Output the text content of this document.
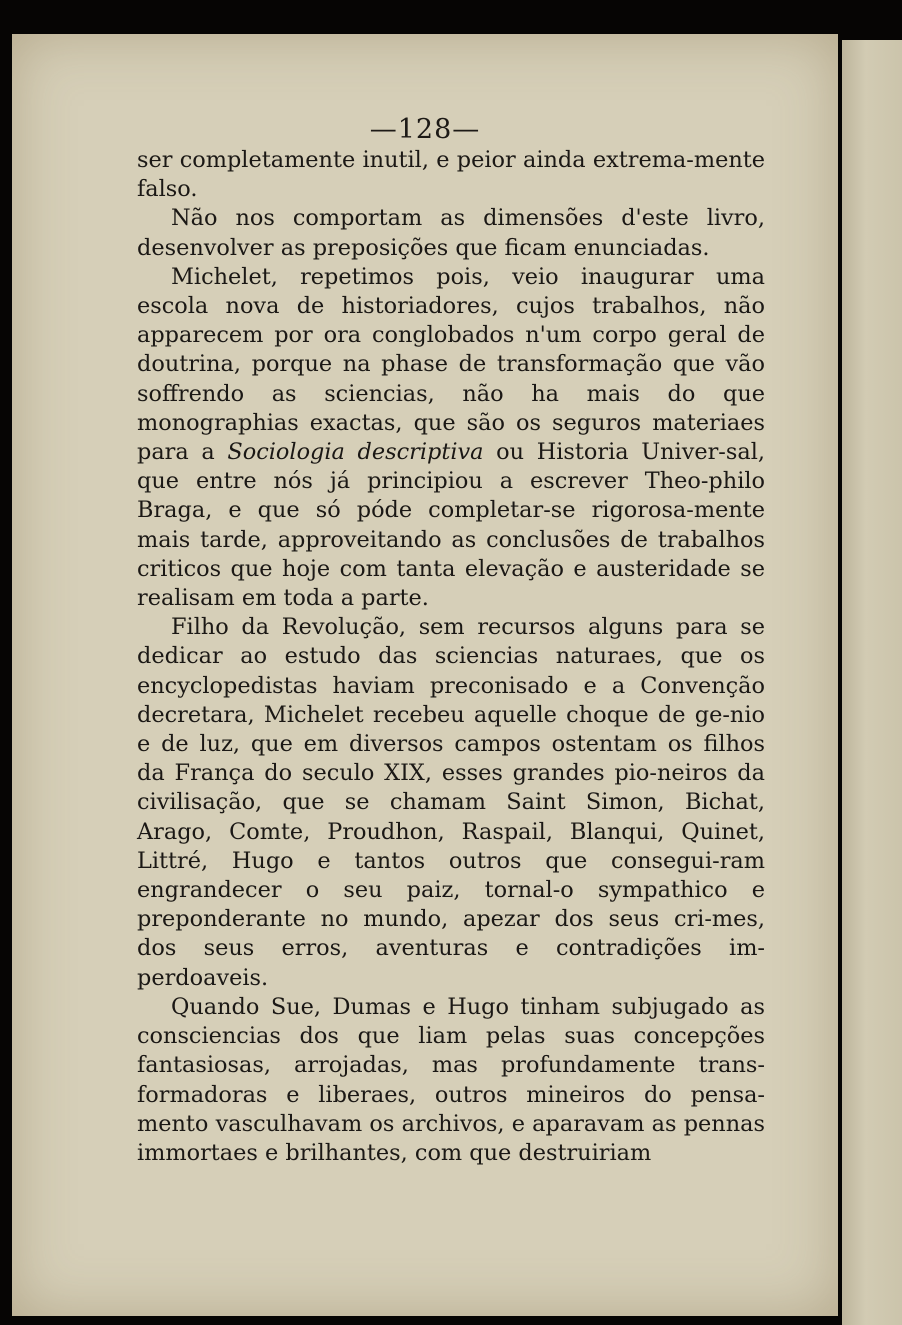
—128—

ser completamente inutil, e peior ainda extrema-mente falso.

Não nos comportam as dimensões d'este livro, desenvolver as preposições que ficam enunciadas.

Michelet, repetimos pois, veio inaugurar uma escola nova de historiadores, cujos trabalhos, não apparecem por ora conglobados n'um corpo geral de doutrina, porque na phase de transformação que vão soffrendo as sciencias, não ha mais do que monographias exactas, que são os seguros materiaes para a Sociologia descriptiva ou Historia Univer-sal, que entre nós já principiou a escrever Theo-philo Braga, e que só póde completar-se rigorosa-mente mais tarde, approveitando as conclusões de trabalhos criticos que hoje com tanta elevação e austeridade se realisam em toda a parte.

Filho da Revolução, sem recursos alguns para se dedicar ao estudo das sciencias naturaes, que os encyclopedistas haviam preconisado e a Convenção decretara, Michelet recebeu aquelle choque de ge-nio e de luz, que em diversos campos ostentam os filhos da França do seculo XIX, esses grandes pio-neiros da civilisação, que se chamam Saint Simon, Bichat, Arago, Comte, Proudhon, Raspail, Blanqui, Quinet, Littré, Hugo e tantos outros que consegui-ram engrandecer o seu paiz, tornal-o sympathico e preponderante no mundo, apezar dos seus cri-mes, dos seus erros, aventuras e contradições im-perdoaveis.

Quando Sue, Dumas e Hugo tinham subjugado as consciencias dos que liam pelas suas concepções fantasiosas, arrojadas, mas profundamente trans-formadoras e liberaes, outros mineiros do pensa-mento vasculhavam os archivos, e aparavam as pennas immortaes e brilhantes, com que destruiriam
